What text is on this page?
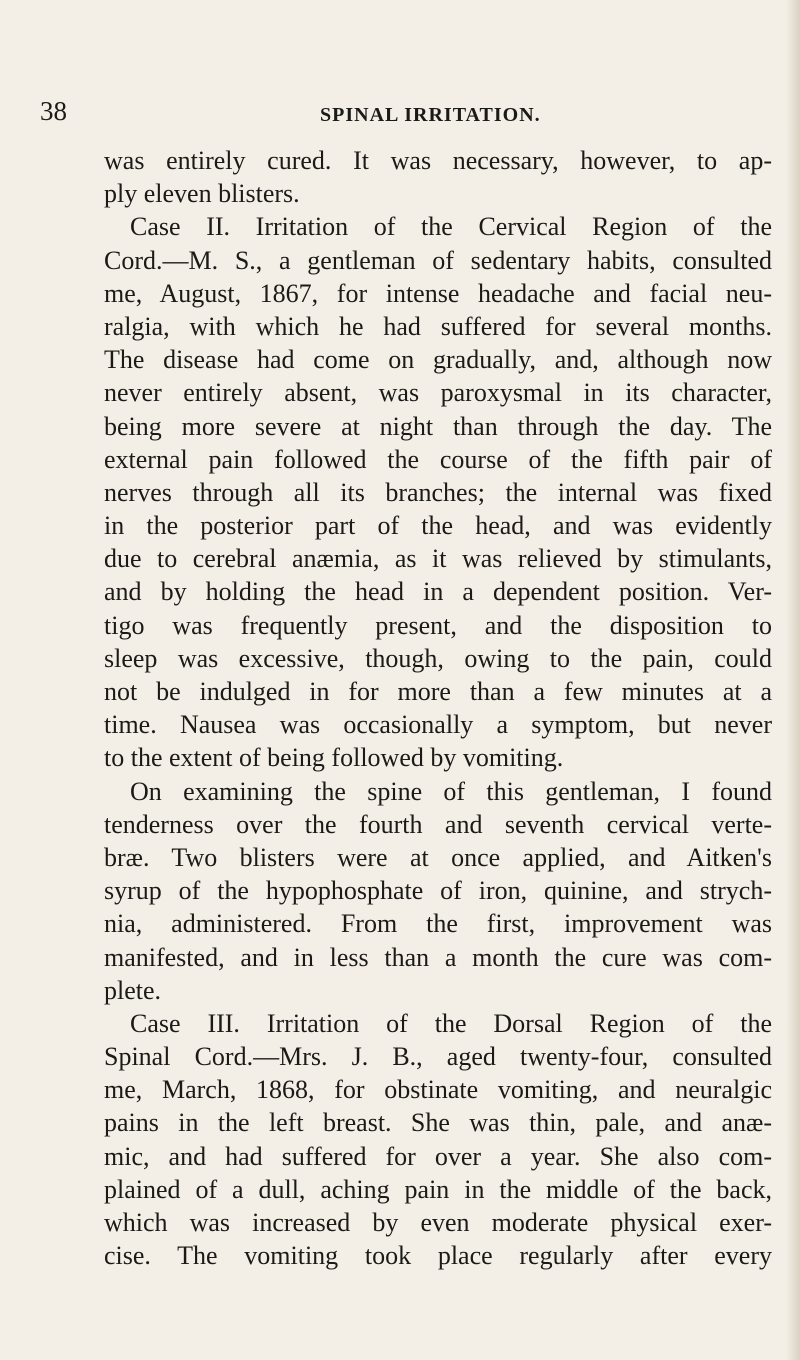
38	SPINAL IRRITATION.
was entirely cured. It was necessary, however, to ap-
ply eleven blisters.
Case II. Irritation of the Cervical Region of the
Cord.—M. S., a gentleman of sedentary habits, consulted
me, August, 1867, for intense headache and facial neu-
ralgia, with which he had suffered for several months.
The disease had come on gradually, and, although now
never entirely absent, was paroxysmal in its character,
being more severe at night than through the day. The
external pain followed the course of the fifth pair of
nerves through all its branches; the internal was fixed
in the posterior part of the head, and was evidently
due to cerebral anæmia, as it was relieved by stimulants,
and by holding the head in a dependent position. Ver-
tigo was frequently present, and the disposition to
sleep was excessive, though, owing to the pain, could
not be indulged in for more than a few minutes at a
time. Nausea was occasionally a symptom, but never
to the extent of being followed by vomiting.
On examining the spine of this gentleman, I found
tenderness over the fourth and seventh cervical verte-
bræ. Two blisters were at once applied, and Aitken's
syrup of the hypophosphate of iron, quinine, and strych-
nia, administered. From the first, improvement was
manifested, and in less than a month the cure was com-
plete.
Case III. Irritation of the Dorsal Region of the
Spinal Cord.—Mrs. J. B., aged twenty-four, consulted
me, March, 1868, for obstinate vomiting, and neuralgic
pains in the left breast. She was thin, pale, and anæ-
mic, and had suffered for over a year. She also com-
plained of a dull, aching pain in the middle of the back,
which was increased by even moderate physical exer-
cise. The vomiting took place regularly after every
